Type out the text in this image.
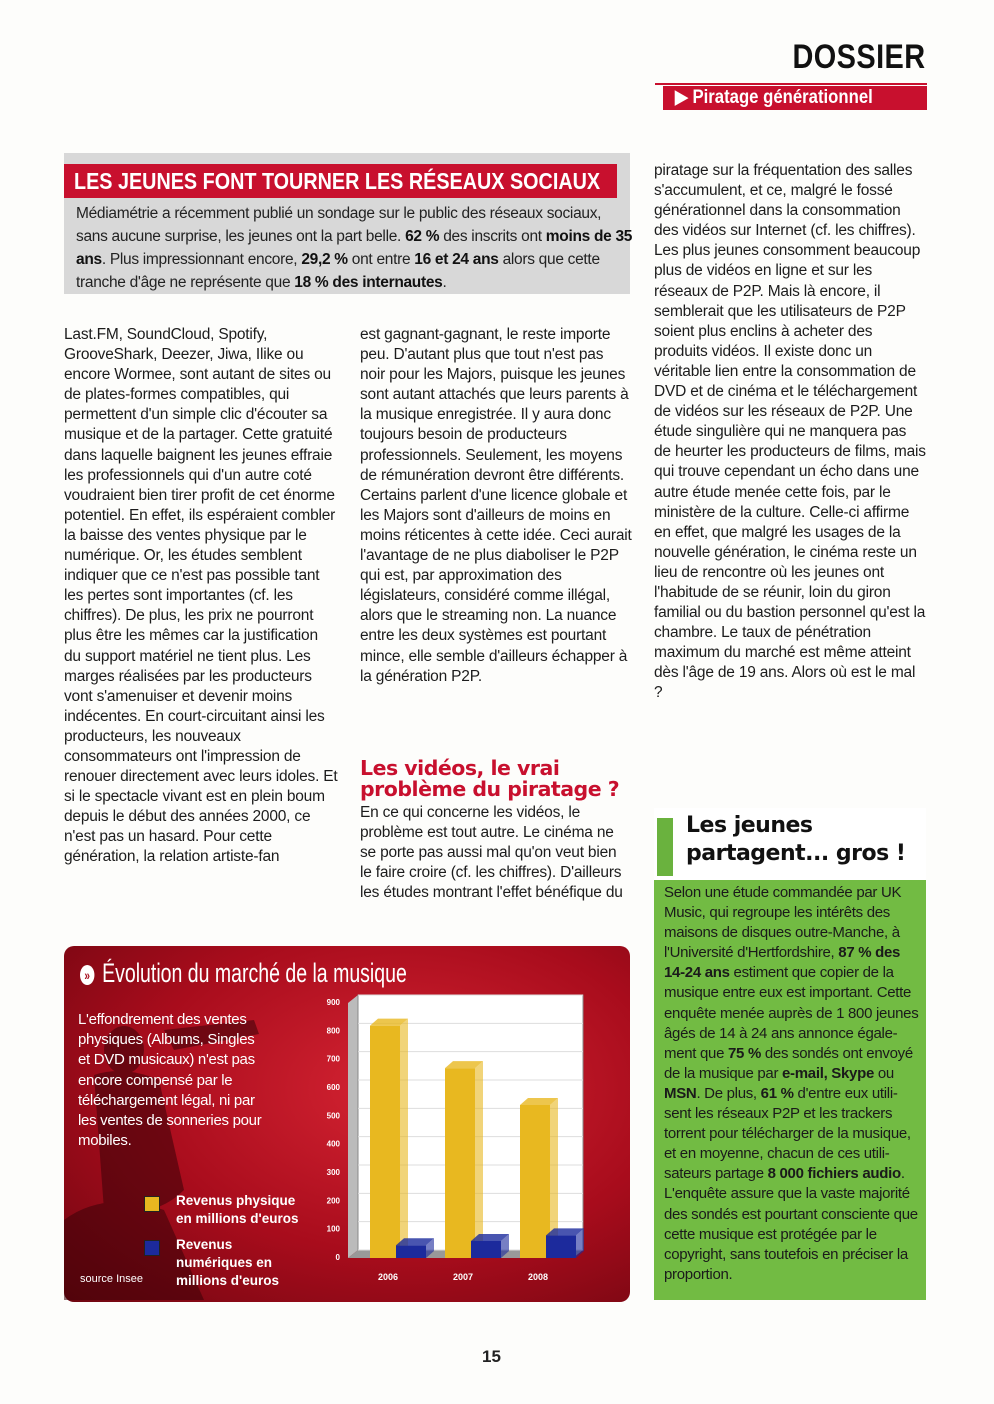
DOSSIER
▶ Piratage générationnel
LES JEUNES FONT TOURNER LES RÉSEAUX SOCIAUX
Médiamétrie a récemment publié un sondage sur le public des réseaux sociaux, sans aucune surprise, les jeunes ont la part belle. 62 % des inscrits ont moins de 35 ans. Plus impressionnant encore, 29,2 % ont entre 16 et 24 ans alors que cette tranche d'âge ne représente que 18 % des internautes.
Last.FM, SoundCloud, Spotify, GrooveShark, Deezer, Jiwa, Ilike ou encore Wormee, sont autant de sites ou de plates-formes compatibles, qui permettent d'un simple clic d'écouter sa musique et de la partager. Cette gratuité dans laquelle baignent les jeunes effraie les professionnels qui d'un autre coté voudraient bien tirer profit de cet énorme potentiel. En effet, ils espéraient combler la baisse des ventes physique par le numérique. Or, les études semblent indiquer que ce n'est pas possible tant les pertes sont importantes (cf. les chiffres). De plus, les prix ne pourront plus être les mêmes car la justification du support matériel ne tient plus. Les marges réalisées par les producteurs vont s'amenuiser et devenir moins indécentes. En court-circuitant ainsi les producteurs, les nouveaux consommateurs ont l'impression de renouer directement avec leurs idoles. Et si le spectacle vivant est en plein boum depuis le début des années 2000, ce n'est pas un hasard. Pour cette génération, la relation artiste-fan
est gagnant-gagnant, le reste importe peu. D'autant plus que tout n'est pas noir pour les Majors, puisque les jeunes sont autant attachés que leurs parents à la musique enregistrée. Il y aura donc toujours besoin de producteurs professionnels. Seulement, les moyens de rémunération devront être différents. Certains parlent d'une licence globale et les Majors sont d'ailleurs de moins en moins réticentes à cette idée. Ceci aurait l'avantage de ne plus diaboliser le P2P qui est, par approximation des législateurs, considéré comme illégal, alors que le streaming non. La nuance entre les deux systèmes est pourtant mince, elle semble d'ailleurs échapper à la génération P2P.
Les vidéos, le vrai problème du piratage ?
En ce qui concerne les vidéos, le problème est tout autre. Le cinéma ne se porte pas aussi mal qu'on veut bien le faire croire (cf. les chiffres). D'ailleurs les études montrant l'effet bénéfique du
piratage sur la fréquentation des salles s'accumulent, et ce, malgré le fossé générationnel dans la consommation des vidéos sur Internet (cf. les chiffres). Les plus jeunes consomment beaucoup plus de vidéos en ligne et sur les réseaux de P2P. Mais là encore, il semblerait que les utilisateurs de P2P soient plus enclins à acheter des produits vidéos. Il existe donc un véritable lien entre la consommation de DVD et de cinéma et le téléchargement de vidéos sur les réseaux de P2P. Une étude singulière qui ne manquera pas de heurter les producteurs de films, mais qui trouve cependant un écho dans une autre étude menée cette fois, par le ministère de la culture. Celle-ci affirme en effet, que malgré les usages de la nouvelle génération, le cinéma reste un lieu de rencontre où les jeunes ont l'habitude de se réunir, loin du giron familial ou du bastion personnel qu'est la chambre. Le taux de pénétration maximum du marché est même atteint dès l'âge de 19 ans. Alors où est le mal ?
» Évolution du marché de la musique
L'effondrement des ventes physiques (Albums, Singles et DVD musicaux) n'est pas encore compensé par le téléchargement légal, ni par les ventes de sonneries pour mobiles.
Revenus physique en millions d'euros
Revenus numériques en millions d'euros
source Insee
0
100
200
300
400
500
600
700
800
900
2006	2007	2008
Les jeunes
partagent... gros !
Selon une étude commandée par UK Music, qui regroupe les intérêts des maisons de disques outre-Manche, à l'Université d'Hertfordshire, 87 % des 14-24 ans estiment que copier de la musique entre eux est important. Cette enquête menée auprès de 1 800 jeunes âgés de 14 à 24 ans annonce égale-ment que 75 % des sondés ont envoyé de la musique par e-mail, Skype ou MSN. De plus, 61 % d'entre eux utili-sent les réseaux P2P et les trackers torrent pour télécharger de la musique, et en moyenne, chacun de ces utili-sateurs partage 8 000 fichiers audio. L'enquête assure que la vaste majorité des sondés est pourtant consciente que cette musique est protégée par le copyright, sans toutefois en préciser la proportion.
15
